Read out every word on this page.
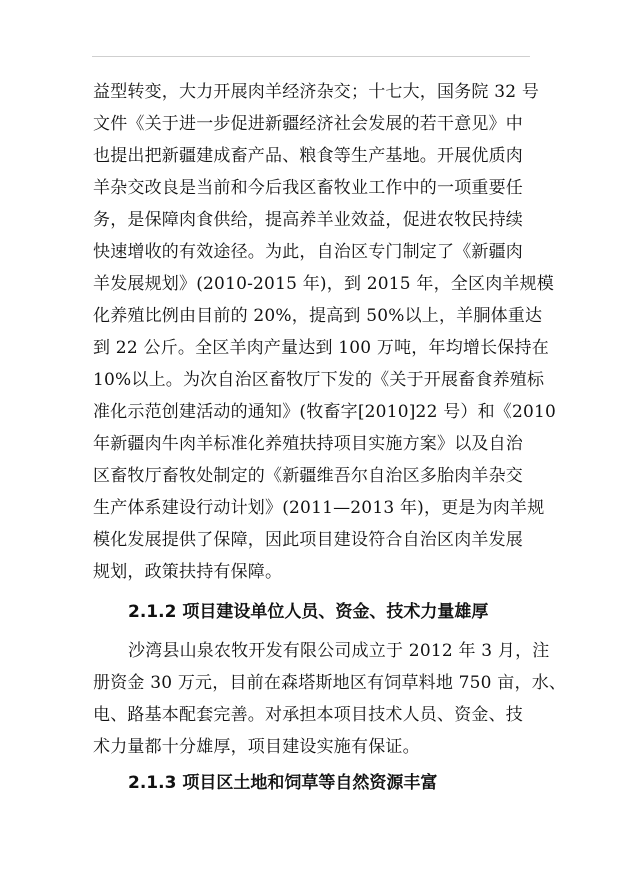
益型转变，大力开展肉羊经济杂交；十七大，国务院 32 号
文件《关于进一步促进新疆经济社会发展的若干意见》中
也提出把新疆建成畜产品、粮食等生产基地。开展优质肉
羊杂交改良是当前和今后我区畜牧业工作中的一项重要任
务，是保障肉食供给，提高养羊业效益，促进农牧民持续
快速增收的有效途径。为此，自治区专门制定了《新疆肉
羊发展规划》(2010-2015 年)，到 2015 年，全区肉羊规模
化养殖比例由目前的 20%，提高到 50%以上，羊胴体重达
到 22 公斤。全区羊肉产量达到 100 万吨，年均增长保持在
10%以上。为次自治区畜牧厅下发的《关于开展畜食养殖标
准化示范创建活动的通知》(牧畜字[2010]22 号）和《2010
年新疆肉牛肉羊标准化养殖扶持项目实施方案》以及自治
区畜牧厅畜牧处制定的《新疆维吾尔自治区多胎肉羊杂交
生产体系建设行动计划》(2011—2013 年)，更是为肉羊规
模化发展提供了保障，因此项目建设符合自治区肉羊发展
规划，政策扶持有保障。
2.1.2 项目建设单位人员、资金、技术力量雄厚
沙湾县山泉农牧开发有限公司成立于 2012 年 3 月，注
册资金 30 万元，目前在森塔斯地区有饲草料地 750 亩，水、
电、路基本配套完善。对承担本项目技术人员、资金、技
术力量都十分雄厚，项目建设实施有保证。
2.1.3 项目区土地和饲草等自然资源丰富
